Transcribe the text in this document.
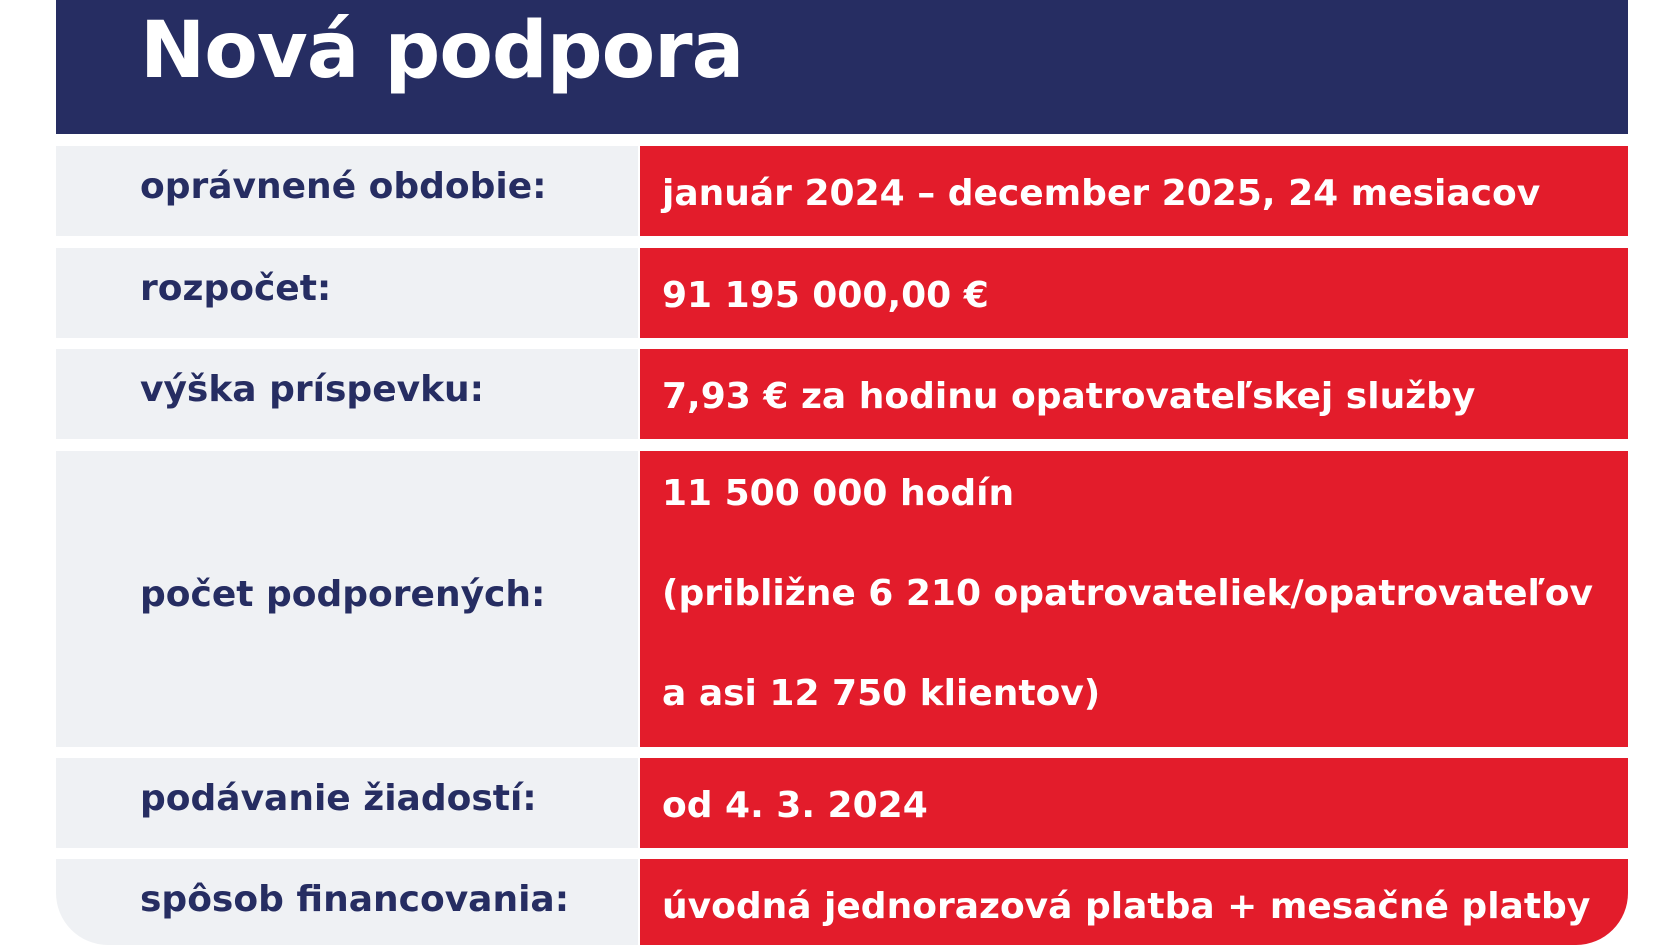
Nová podpora
oprávnené obdobie:	január 2024 – december 2025, 24 mesiacov
rozpočet:	91 195 000,00 €
výška príspevku:	7,93 € za hodinu opatrovateľskej služby
počet podporených:
11 500 000 hodín
(približne 6 210 opatrovateliek/opatrovateľov
a asi 12 750 klientov)
podávanie žiadostí:	od 4. 3. 2024
spôsob financovania:	úvodná jednorazová platba + mesačné platby
